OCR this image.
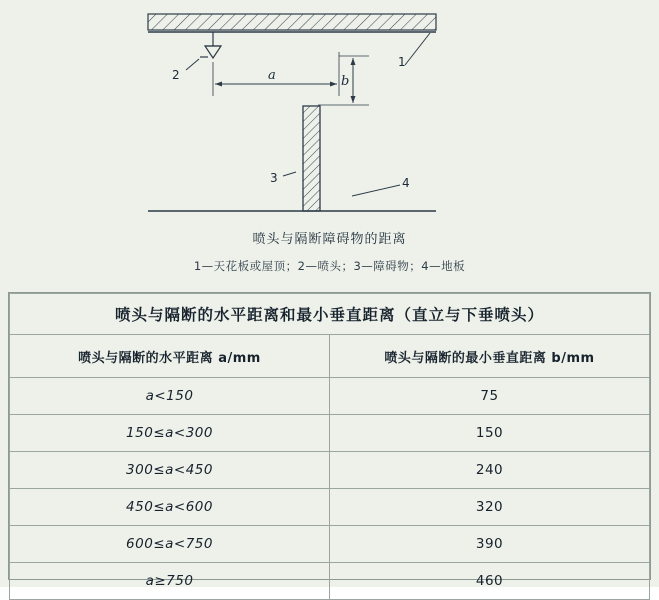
1
2
3	4
a	b
喷头与隔断障碍物的距离
1—天花板或屋顶；2—喷头；3—障碍物；4—地板
喷头与隔断的水平距离和最小垂直距离（直立与下垂喷头）	
喷头与隔断的水平距离 a/mm	喷头与隔断的最小垂直距离 b/mm
a<150	75
150≤a<300	150
300≤a<450	240
450≤a<600	320
600≤a<750	390
a≥750	460
